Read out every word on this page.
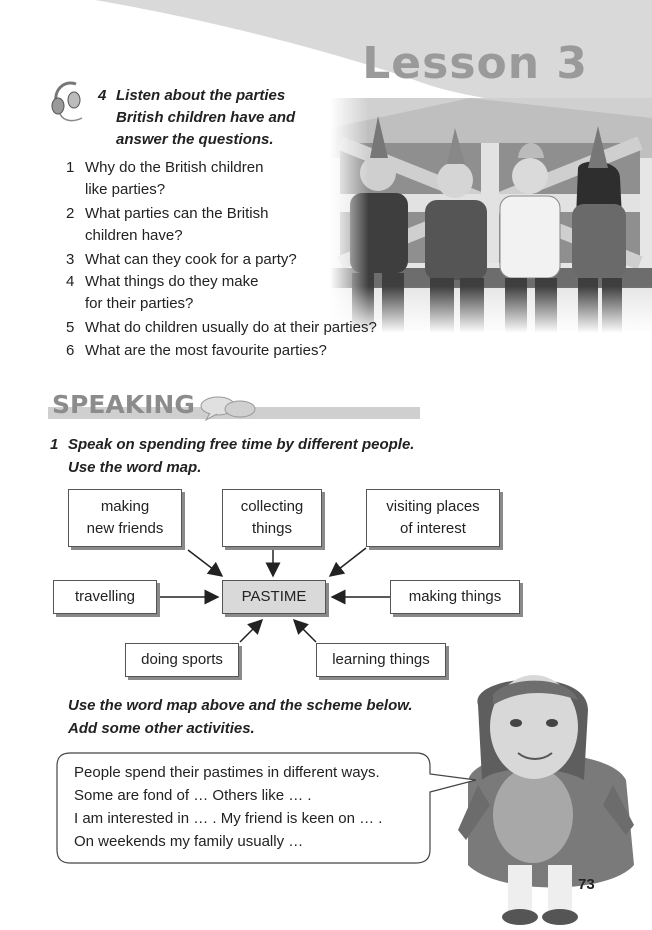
Lesson 3
4 Listen about the parties
British children have and
answer the questions.
1 Why do the British children
like parties?
2 What parties can the British
children have?
3 What can they cook for a party?
4 What things do they make
for their parties?
5 What do children usually do at their parties?
6 What are the most favourite parties?
SPEAKING
1 Speak on spending free time by different people.
Use the word map.
making
new friends
collecting
things
visiting places
of interest
travelling	PASTIME	making things
doing sports	learning things
Use the word map above and the scheme below.
Add some other activities.
People spend their pastimes in different ways.
Some are fond of … Others like … .
I am interested in … . My friend is keen on … .
On weekends my family usually …
73
